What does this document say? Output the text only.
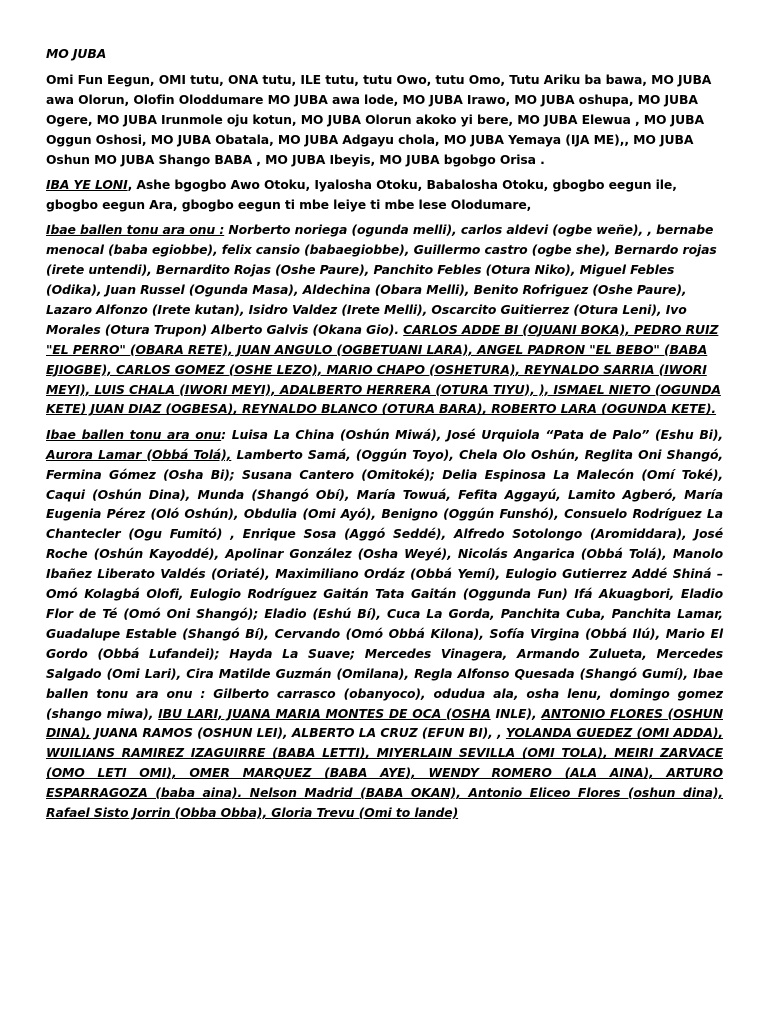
MO JUBA

Omi Fun Eegun, OMI tutu, ONA tutu, ILE tutu, tutu Owo, tutu Omo, Tutu Ariku ba bawa, MO JUBA awa Olorun, Olofin Oloddumare MO JUBA awa lode, MO JUBA Irawo, MO JUBA oshupa, MO JUBA Ogere, MO JUBA Irunmole oju kotun, MO JUBA Olorun akoko yi bere, MO JUBA Elewua , MO JUBA Oggun Oshosi, MO JUBA Obatala, MO JUBA Adgayu chola, MO JUBA Yemaya (IJA ME),, MO JUBA Oshun MO JUBA Shango BABA , MO JUBA Ibeyis, MO JUBA bgobgo Orisa .

IBA YE LONI, Ashe bgogbo Awo Otoku, Iyalosha Otoku, Babalosha Otoku, gbogbo eegun ile, gbogbo eegun Ara, gbogbo eegun ti mbe leiye ti mbe lese Olodumare,

Ibae ballen tonu ara onu : Norberto noriega (ogunda melli), carlos aldevi (ogbe weñe), , bernabe menocal (baba egiobbe), felix cansio (babaegiobbe), Guillermo castro (ogbe she), Bernardo rojas (irete untendi), Bernardito Rojas (Oshe Paure), Panchito Febles (Otura Niko), Miguel Febles (Odika), Juan Russel (Ogunda Masa), Aldechina (Obara Melli), Benito Rofriguez (Oshe Paure), Lazaro Alfonzo (Irete kutan), Isidro Valdez (Irete Melli), Oscarcito Guitierrez (Otura Leni), Ivo Morales (Otura Trupon) Alberto Galvis (Okana Gio). CARLOS ADDE BI (OJUANI BOKA), PEDRO RUIZ "EL PERRO" (OBARA RETE), JUAN ANGULO (OGBETUANI LARA), ANGEL PADRON "EL BEBO" (BABA EJIOGBE), CARLOS GOMEZ (OSHE LEZO), MARIO CHAPO (OSHETURA), REYNALDO SARRIA (IWORI MEYI), LUIS CHALA (IWORI MEYI), ADALBERTO HERRERA (OTURA TIYU), ), ISMAEL NIETO (OGUNDA KETE) JUAN DIAZ (OGBESA), REYNALDO BLANCO (OTURA BARA), ROBERTO LARA (OGUNDA KETE).

Ibae ballen tonu ara onu: Luisa La China (Oshún Miwá), José Urquiola “Pata de Palo” (Eshu Bi), Aurora Lamar (Obbá Tolá), Lamberto Samá, (Oggún Toyo), Chela Olo Oshún, Reglita Oni Shangó, Fermina Gómez (Osha Bi); Susana Cantero (Omitoké); Delia Espinosa La Malecón (Omí Toké), Caqui (Oshún Dina), Munda (Shangó Obí), María Towuá, Fefita Aggayú, Lamito Agberó, María Eugenia Pérez (Oló Oshún), Obdulia (Omi Ayó), Benigno (Oggún Funshó), Consuelo Rodríguez La Chantecler (Ogu Fumitó) , Enrique Sosa (Aggó Seddé), Alfredo Sotolongo (Aromiddara), José Roche (Oshún Kayoddé), Apolinar González (Osha Weyé), Nicolás Angarica (Obbá Tolá), Manolo Ibañez Liberato Valdés (Oriaté), Maximiliano Ordáz (Obbá Yemí), Eulogio Gutierrez Addé Shiná – Omó Kolagbá Olofi, Eulogio Rodríguez Gaitán Tata Gaitán (Oggunda Fun) Ifá Akuagbori, Eladio Flor de Té (Omó Oni Shangó); Eladio (Eshú Bí), Cuca La Gorda, Panchita Cuba, Panchita Lamar, Guadalupe Estable (Shangó Bí), Cervando (Omó Obbá Kilona), Sofía Virgina (Obbá Ilú), Mario El Gordo (Obbá Lufandei); Hayda La Suave; Mercedes Vinagera, Armando Zulueta, Mercedes Salgado (Omi Lari), Cira Matilde Guzmán (Omilana), Regla Alfonso Quesada (Shangó Gumí), Ibae ballen tonu ara onu : Gilberto carrasco (obanyoco), odudua ala, osha lenu, domingo gomez (shango miwa), IBU LARI, JUANA MARIA MONTES DE OCA (OSHA INLE), ANTONIO FLORES (OSHUN DINA), JUANA RAMOS (OSHUN LEI), ALBERTO LA CRUZ (EFUN BI), , YOLANDA GUEDEZ (OMI ADDA), WUILIANS RAMIREZ IZAGUIRRE (BABA LETTI), MIYERLAIN SEVILLA (OMI TOLA), MEIRI ZARVACE (OMO LETI OMI), OMER MARQUEZ (BABA AYE), WENDY ROMERO (ALA AINA), ARTURO ESPARRAGOZA (baba aina). Nelson Madrid (BABA OKAN), Antonio Eliceo Flores (oshun dina), Rafael Sisto Jorrin (Obba Obba), Gloria Trevu (Omi to lande)
